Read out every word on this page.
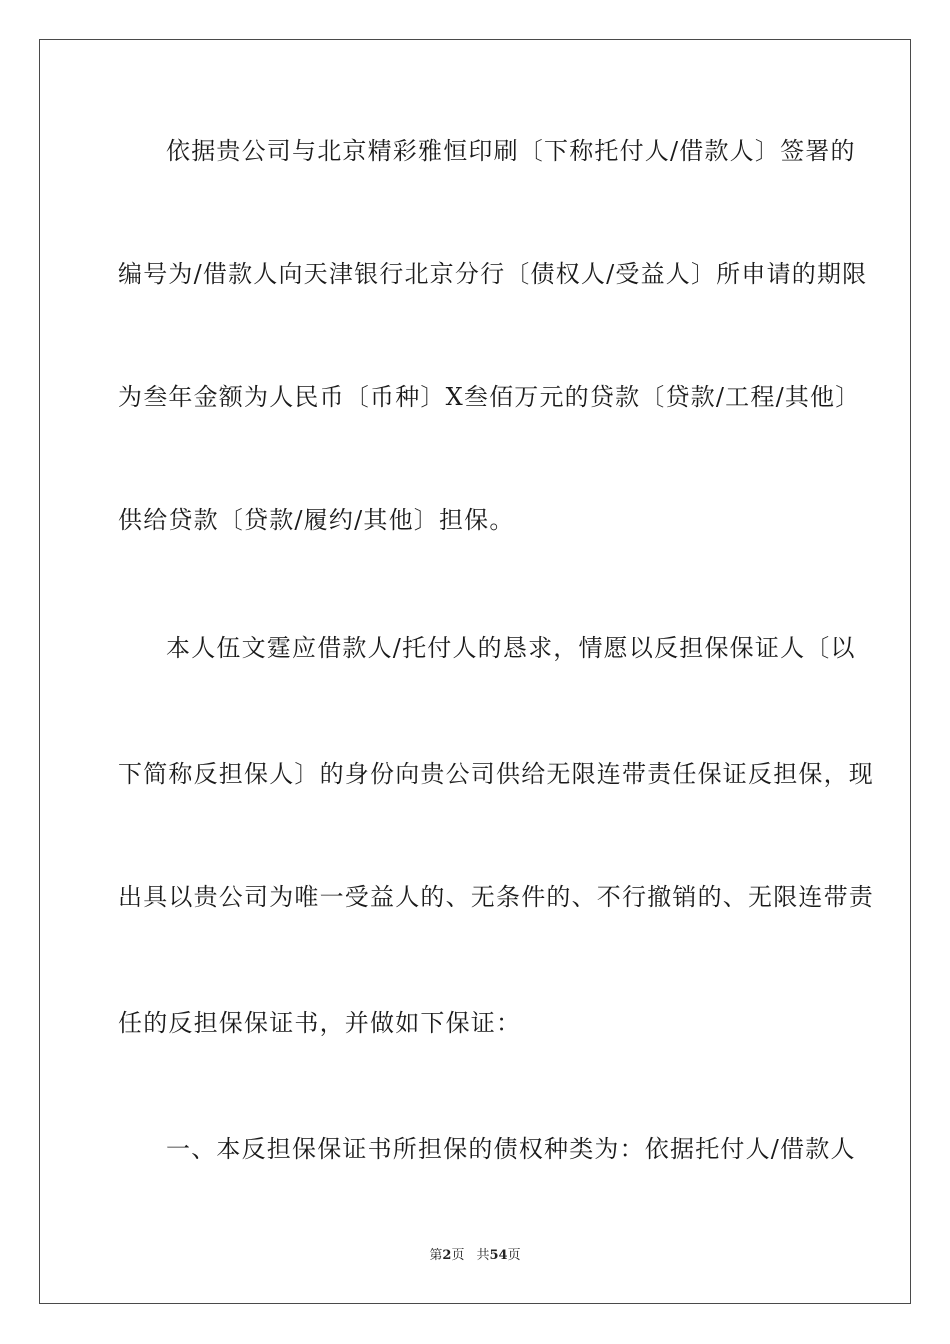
依据贵公司与北京精彩雅恒印刷〔下称托付人/借款人〕签署的
编号为/借款人向天津银行北京分行〔债权人/受益人〕所申请的期限
为叁年金额为人民币〔币种〕X叁佰万元的贷款〔贷款/工程/其他〕
供给贷款〔贷款/履约/其他〕担保。
本人伍文霆应借款人/托付人的恳求，情愿以反担保保证人〔以
下简称反担保人〕的身份向贵公司供给无限连带责任保证反担保，现
出具以贵公司为唯一受益人的、无条件的、不行撤销的、无限连带责
任的反担保保证书，并做如下保证：
一、本反担保保证书所担保的债权种类为：依据托付人/借款人
第2页 共54页
